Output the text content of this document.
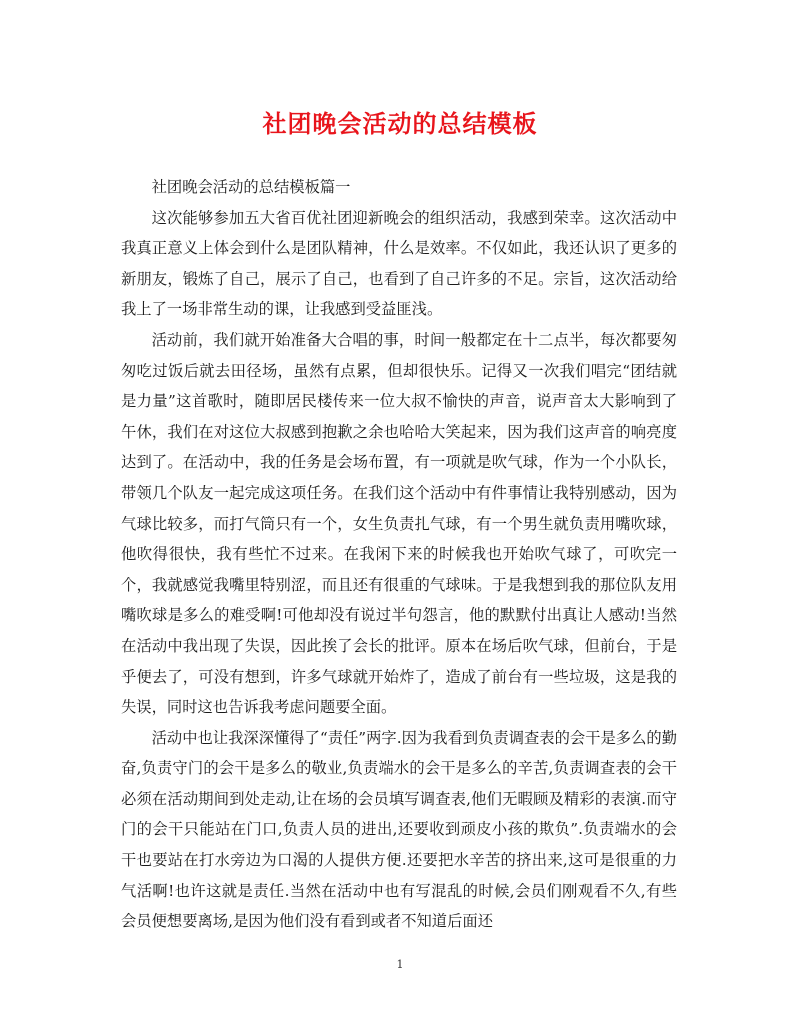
社团晚会活动的总结模板

社团晚会活动的总结模板篇一

这次能够参加五大省百优社团迎新晚会的组织活动，我感到荣幸。这次活动中我真正意义上体会到什么是团队精神，什么是效率。不仅如此，我还认识了更多的新朋友，锻炼了自己，展示了自己，也看到了自己许多的不足。宗旨，这次活动给我上了一场非常生动的课，让我感到受益匪浅。

活动前，我们就开始准备大合唱的事，时间一般都定在十二点半，每次都要匆匆吃过饭后就去田径场，虽然有点累，但却很快乐。记得又一次我们唱完“团结就是力量”这首歌时，随即居民楼传来一位大叔不愉快的声音，说声音太大影响到了午休，我们在对这位大叔感到抱歉之余也哈哈大笑起来，因为我们这声音的响亮度达到了。在活动中，我的任务是会场布置，有一项就是吹气球，作为一个小队长，带领几个队友一起完成这项任务。在我们这个活动中有件事情让我特别感动，因为气球比较多，而打气筒只有一个，女生负责扎气球，有一个男生就负责用嘴吹球，他吹得很快，我有些忙不过来。在我闲下来的时候我也开始吹气球了，可吹完一个，我就感觉我嘴里特别涩，而且还有很重的气球味。于是我想到我的那位队友用嘴吹球是多么的难受啊!可他却没有说过半句怨言，他的默默付出真让人感动!当然在活动中我出现了失误，因此挨了会长的批评。原本在场后吹气球，但前台，于是乎便去了，可没有想到，许多气球就开始炸了，造成了前台有一些垃圾，这是我的失误，同时这也告诉我考虑问题要全面。

活动中也让我深深懂得了“责任”两字.因为我看到负责调查表的会干是多么的勤奋,负责守门的会干是多么的敬业,负责端水的会干是多么的辛苦,负责调查表的会干必须在活动期间到处走动,让在场的会员填写调查表,他们无暇顾及精彩的表演.而守门的会干只能站在门口,负责人员的进出,还要收到顽皮小孩的欺负”.负责端水的会干也要站在打水旁边为口渴的人提供方便.还要把水辛苦的挤出来,这可是很重的力气活啊!也许这就是责任.当然在活动中也有写混乱的时候,会员们刚观看不久,有些会员便想要离场,是因为他们没有看到或者不知道后面还

1
